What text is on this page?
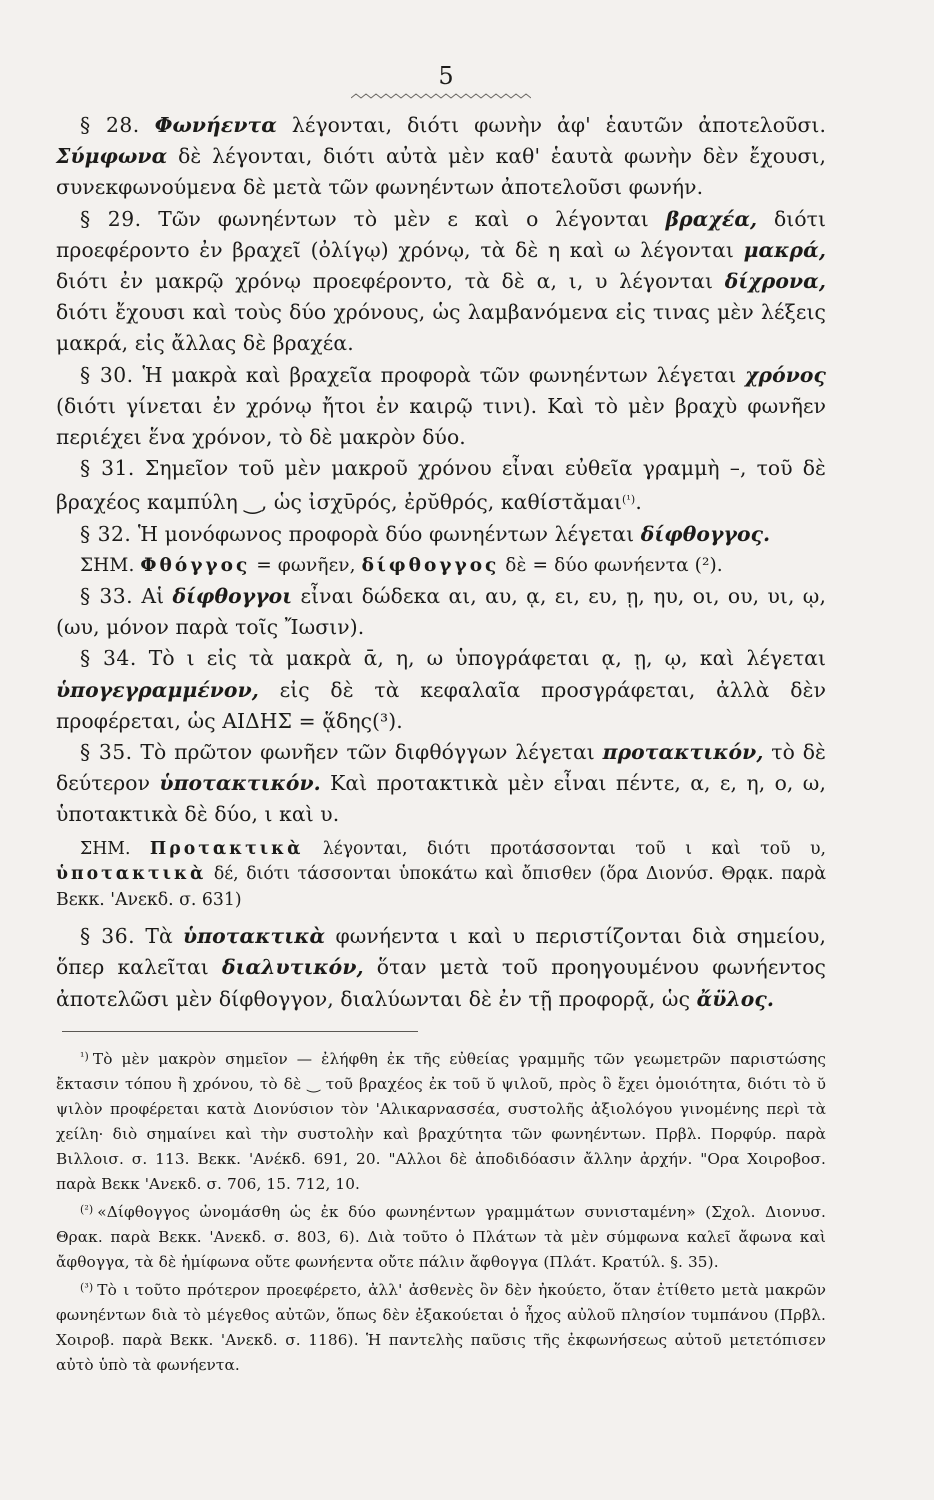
5

§ 28. Φωνήεντα λέγονται, διότι φωνὴν ἀφ' ἑαυτῶν ἀποτελοῦσι. Σύμφωνα δὲ λέγονται, διότι αὐτὰ μὲν καθ' ἑαυτὰ φωνὴν δὲν ἔχουσι, συνεκφωνούμενα δὲ μετὰ τῶν φωνηέντων ἀποτελοῦσι φωνήν.

§ 29. Τῶν φωνηέντων τὸ μὲν ε καὶ ο λέγονται βραχέα, διότι προεφέροντο ἐν βραχεῖ (ὀλίγῳ) χρόνῳ, τὰ δὲ η καὶ ω λέγονται μακρά, διότι ἐν μακρῷ χρόνῳ προεφέροντο, τὰ δὲ α, ι, υ λέγονται δίχρονα, διότι ἔχουσι καὶ τοὺς δύο χρόνους, ὡς λαμβανόμενα εἰς τινας μὲν λέξεις μακρά, εἰς ἄλλας δὲ βραχέα.

§ 30. Ἡ μακρὰ καὶ βραχεῖα προφορὰ τῶν φωνηέντων λέγεται χρόνος (διότι γίνεται ἐν χρόνῳ ἤτοι ἐν καιρῷ τινι). Καὶ τὸ μὲν βραχὺ φωνῆεν περιέχει ἕνα χρόνον, τὸ δὲ μακρὸν δύο.

§ 31. Σημεῖον τοῦ μὲν μακροῦ χρόνου εἶναι εὐθεῖα γραμμὴ –, τοῦ δὲ βραχέος καμπύλη ‿, ὡς ἰσχῡρός, ἐρῠθρός, καθίστᾰμαι$^{(^1)}$.

§ 32. Ἡ μονόφωνος προφορὰ δύο φωνηέντων λέγεται δίφθογγος.

ΣΗΜ. Φθόγγος = φωνῆεν, δίφθογγος δὲ = δύο φωνήεντα (²).

§ 33. Αἱ δίφθογγοι εἶναι δώδεκα αι, αυ, ᾳ, ει, ευ, ῃ, ηυ, οι, ου, υι, ῳ, (ωυ, μόνον παρὰ τοῖς Ἴωσιν).

§ 34. Τὸ ι εἰς τὰ μακρὰ ᾱ, η, ω ὑπογράφεται ᾳ, ῃ, ῳ, καὶ λέγεται ὑπογεγραμμένον, εἰς δὲ τὰ κεφαλαῖα προσγράφεται, ἀλλὰ δὲν προφέρεται, ὡς ΑΙΔΗΣ = ᾅδης(³).

§ 35. Τὸ πρῶτον φωνῆεν τῶν διφθόγγων λέγεται προτακτικόν, τὸ δὲ δεύτερον ὑποτακτικόν. Καὶ προτακτικὰ μὲν εἶναι πέντε, α, ε, η, ο, ω, ὑποτακτικὰ δὲ δύο, ι καὶ υ.

ΣΗΜ. Προτακτικὰ λέγονται, διότι προτάσσονται τοῦ ι καὶ τοῦ υ, ὑποτακτικὰ δέ, διότι τάσσονται ὑποκάτω καὶ ὄπισθεν (ὅρα Διονύσ. Θρᾳκ. παρὰ Βεκκ. 'Ανεκδ. σ. 631)

§ 36. Τὰ ὑποτακτικὰ φωνήεντα ι καὶ υ περιστίζονται διὰ σημείου, ὅπερ καλεῖται διαλυτικόν, ὅταν μετὰ τοῦ προηγουμένου φωνήεντος ἀποτελῶσι μὲν δίφθογγον, διαλύωνται δὲ ἐν τῇ προφορᾷ, ὡς ἄϋλος.

$^{^1)}$ Τὸ μὲν μακρὸν σημεῖον — ἐλήφθη ἐκ τῆς εὐθείας γραμμῆς τῶν γεωμετρῶν παριστώσης ἔκτασιν τόπου ἢ χρόνου, τὸ δὲ ‿ τοῦ βραχέος ἐκ τοῦ ῠ ψιλοῦ, πρὸς ὃ ἔχει ὁμοιότητα, διότι τὸ ῠ ψιλὸν προφέρεται κατὰ Διονύσιον τὸν 'Αλικαρνασσέα, συστολῆς ἀξιολόγου γινομένης περὶ τὰ χείλη· διὸ σημαίνει καὶ τὴν συστολὴν καὶ βραχύτητα τῶν φωνηέντων. Πρβλ. Πορφύρ. παρὰ Βιλλοισ. σ. 113. Βεκκ. 'Ανέκδ. 691, 20. "Αλλοι δὲ ἀποδιδόασιν ἄλλην ἀρχήν. "Ορα Χοιροβοσ. παρὰ Βεκκ 'Ανεκδ. σ. 706, 15. 712, 10.

$^{(^2)}$ «Δίφθογγος ὠνομάσθη ὡς ἐκ δύο φωνηέντων γραμμάτων συνισταμένη» (Σχολ. Διονυσ. Θρακ. παρὰ Βεκκ. 'Ανεκδ. σ. 803, 6). Διὰ τοῦτο ὁ Πλάτων τὰ μὲν σύμφωνα καλεῖ ἄφωνα καὶ ἄφθογγα, τὰ δὲ ἡμίφωνα οὔτε φωνήεντα οὔτε πάλιν ἄφθογγα (Πλάτ. Κρατύλ. §. 35).

$^{(^3)}$ Τὸ ι τοῦτο πρότερον προεφέρετο, ἀλλ' ἀσθενὲς ὂν δὲν ἠκούετο, ὅταν ἐτίθετο μετὰ μακρῶν φωνηέντων διὰ τὸ μέγεθος αὐτῶν, ὅπως δὲν ἐξακούεται ὁ ἦχος αὐλοῦ πλησίον τυμπάνου (Πρβλ. Χοιροβ. παρὰ Βεκκ. 'Ανεκδ. σ. 1186). Ἡ παντελὴς παῦσις τῆς ἐκφωνήσεως αὐτοῦ μετετόπισεν αὐτὸ ὑπὸ τὰ φωνήεντα.
